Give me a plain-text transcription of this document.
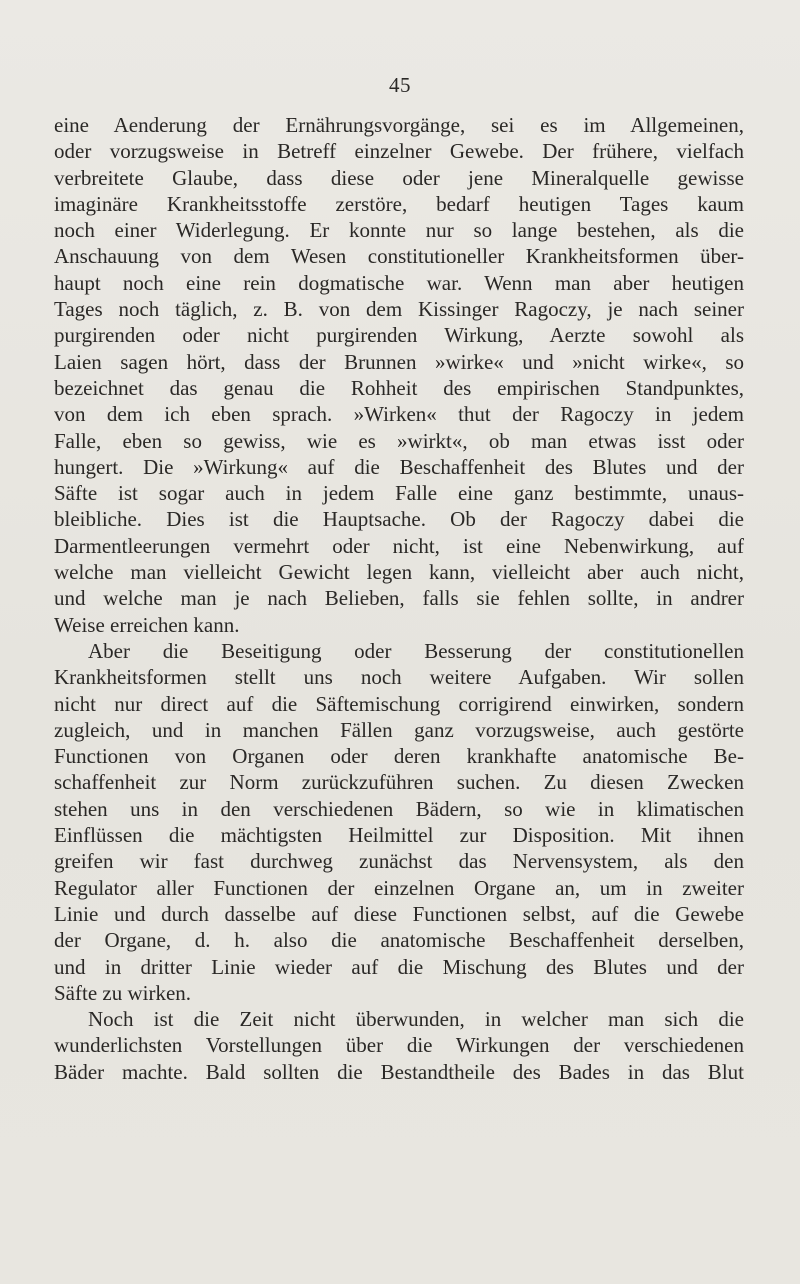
45
eine Aenderung der Ernährungsvorgänge, sei es im Allgemeinen,
oder vorzugsweise in Betreff einzelner Gewebe. Der frühere, vielfach
verbreitete Glaube, dass diese oder jene Mineralquelle gewisse
imaginäre Krankheitsstoffe zerstöre, bedarf heutigen Tages kaum
noch einer Widerlegung. Er konnte nur so lange bestehen, als die
Anschauung von dem Wesen constitutioneller Krankheitsformen über-
haupt noch eine rein dogmatische war. Wenn man aber heutigen
Tages noch täglich, z. B. von dem Kissinger Ragoczy, je nach seiner
purgirenden oder nicht purgirenden Wirkung, Aerzte sowohl als
Laien sagen hört, dass der Brunnen »wirke« und »nicht wirke«, so
bezeichnet das genau die Rohheit des empirischen Standpunktes,
von dem ich eben sprach. »Wirken« thut der Ragoczy in jedem
Falle, eben so gewiss, wie es »wirkt«, ob man etwas isst oder
hungert. Die »Wirkung« auf die Beschaffenheit des Blutes und der
Säfte ist sogar auch in jedem Falle eine ganz bestimmte, unaus-
bleibliche. Dies ist die Hauptsache. Ob der Ragoczy dabei die
Darmentleerungen vermehrt oder nicht, ist eine Nebenwirkung, auf
welche man vielleicht Gewicht legen kann, vielleicht aber auch nicht,
und welche man je nach Belieben, falls sie fehlen sollte, in andrer
Weise erreichen kann.
Aber die Beseitigung oder Besserung der constitutionellen
Krankheitsformen stellt uns noch weitere Aufgaben. Wir sollen
nicht nur direct auf die Säftemischung corrigirend einwirken, sondern
zugleich, und in manchen Fällen ganz vorzugsweise, auch gestörte
Functionen von Organen oder deren krankhafte anatomische Be-
schaffenheit zur Norm zurückzuführen suchen. Zu diesen Zwecken
stehen uns in den verschiedenen Bädern, so wie in klimatischen
Einflüssen die mächtigsten Heilmittel zur Disposition. Mit ihnen
greifen wir fast durchweg zunächst das Nervensystem, als den
Regulator aller Functionen der einzelnen Organe an, um in zweiter
Linie und durch dasselbe auf diese Functionen selbst, auf die Gewebe
der Organe, d. h. also die anatomische Beschaffenheit derselben,
und in dritter Linie wieder auf die Mischung des Blutes und der
Säfte zu wirken.
Noch ist die Zeit nicht überwunden, in welcher man sich die
wunderlichsten Vorstellungen über die Wirkungen der verschiedenen
Bäder machte. Bald sollten die Bestandtheile des Bades in das Blut
